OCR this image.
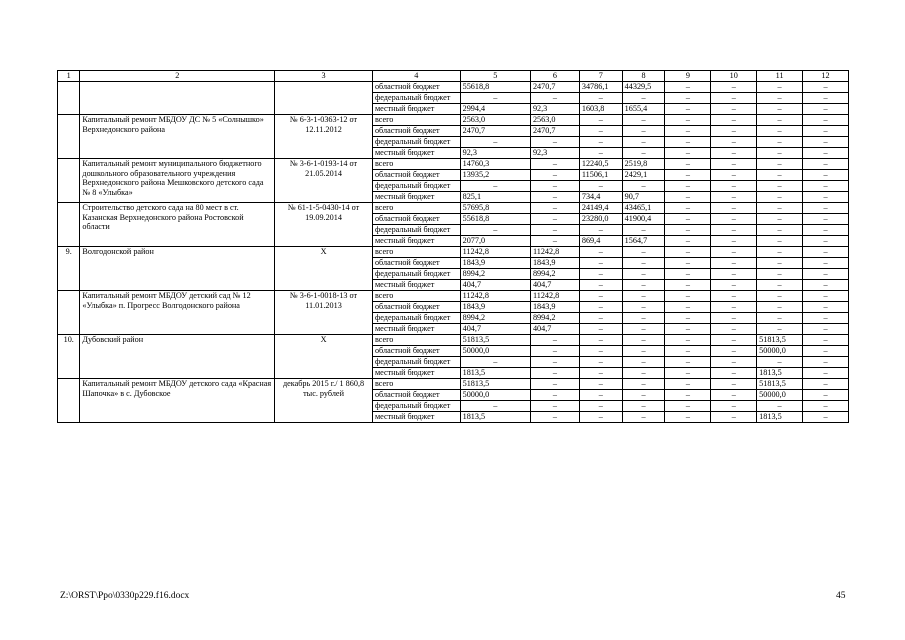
1	2	3	4	5	6	7	8	9	10	11	12
			областной бюджет	55618,8	2470,7	34786,1	44329,5	–	–	–	–
			федеральный бюджет	–	–	–	–	–	–	–	–
			местный бюджет	2994,4	92,3	1603,8	1655,4	–	–	–	–
	Капитальный ремонт МБДОУ ДС № 5 «Солнышко» Верхнедонского района	№ 6-3-1-0363-12 от 12.11.2012	всего	2563,0	2563,0	–	–	–	–	–	–
			областной бюджет	2470,7	2470,7	–	–	–	–	–	–
			федеральный бюджет	–	–	–	–	–	–	–	–
			местный бюджет	92,3	92,3	–	–	–	–	–	–
	Капитальный ремонт муниципального бюджетного дошкольного образовательного учреждения Верхнедонского района Мешковского детского сада № 8 «Улыбка»	№ 3-6-1-0193-14 от 21.05.2014	всего	14760,3	–	12240,5	2519,8	–	–	–	–
			областной бюджет	13935,2	–	11506,1	2429,1	–	–	–	–
			федеральный бюджет	–	–	–	–	–	–	–	–
			местный бюджет	825,1	–	734,4	90,7	–	–	–	–
	Строительство детского сада на 80 мест в ст. Казанская Верхнедонского района Ростовской области	№ 61-1-5-0430-14 от 19.09.2014	всего	57695,8	–	24149,4	43465,1	–	–	–	–
			областной бюджет	55618,8	–	23280,0	41900,4	–	–	–	–
			федеральный бюджет	–	–	–	–	–	–	–	–
			местный бюджет	2077,0	–	869,4	1564,7	–	–	–	–
9.	Волгодонской район	Х	всего	11242,8	11242,8	–	–	–	–	–	–
			областной бюджет	1843,9	1843,9	–	–	–	–	–	–
			федеральный бюджет	8994,2	8994,2	–	–	–	–	–	–
			местный бюджет	404,7	404,7	–	–	–	–	–	–
	Капитальный ремонт МБДОУ детский сад № 12 «Улыбка» п. Прогресс Волгодонского района	№ 3-6-1-0018-13 от 11.01.2013	всего	11242,8	11242,8	–	–	–	–	–	–
			областной бюджет	1843,9	1843,9	–	–	–	–	–	–
			федеральный бюджет	8994,2	8994,2	–	–	–	–	–	–
			местный бюджет	404,7	404,7	–	–	–	–	–	–
10.	Дубовский район	Х	всего	51813,5	–	–	–	–	–	51813,5	–
			областной бюджет	50000,0	–	–	–	–	–	50000,0	–
			федеральный бюджет	–	–	–	–	–	–	–	–
			местный бюджет	1813,5	–	–	–	–	–	1813,5	–
	Капитальный ремонт МБДОУ детского сада «Красная Шапочка» в с. Дубовское	декабрь 2015 г./ 1 860,8 тыс. рублей	всего	51813,5	–	–	–	–	–	51813,5	–
			областной бюджет	50000,0	–	–	–	–	–	50000,0	–
			федеральный бюджет	–	–	–	–	–	–	–	–
			местный бюджет	1813,5	–	–	–	–	–	1813,5	–
Z:\ORST\Ppo\0330p229.f16.docx	45
